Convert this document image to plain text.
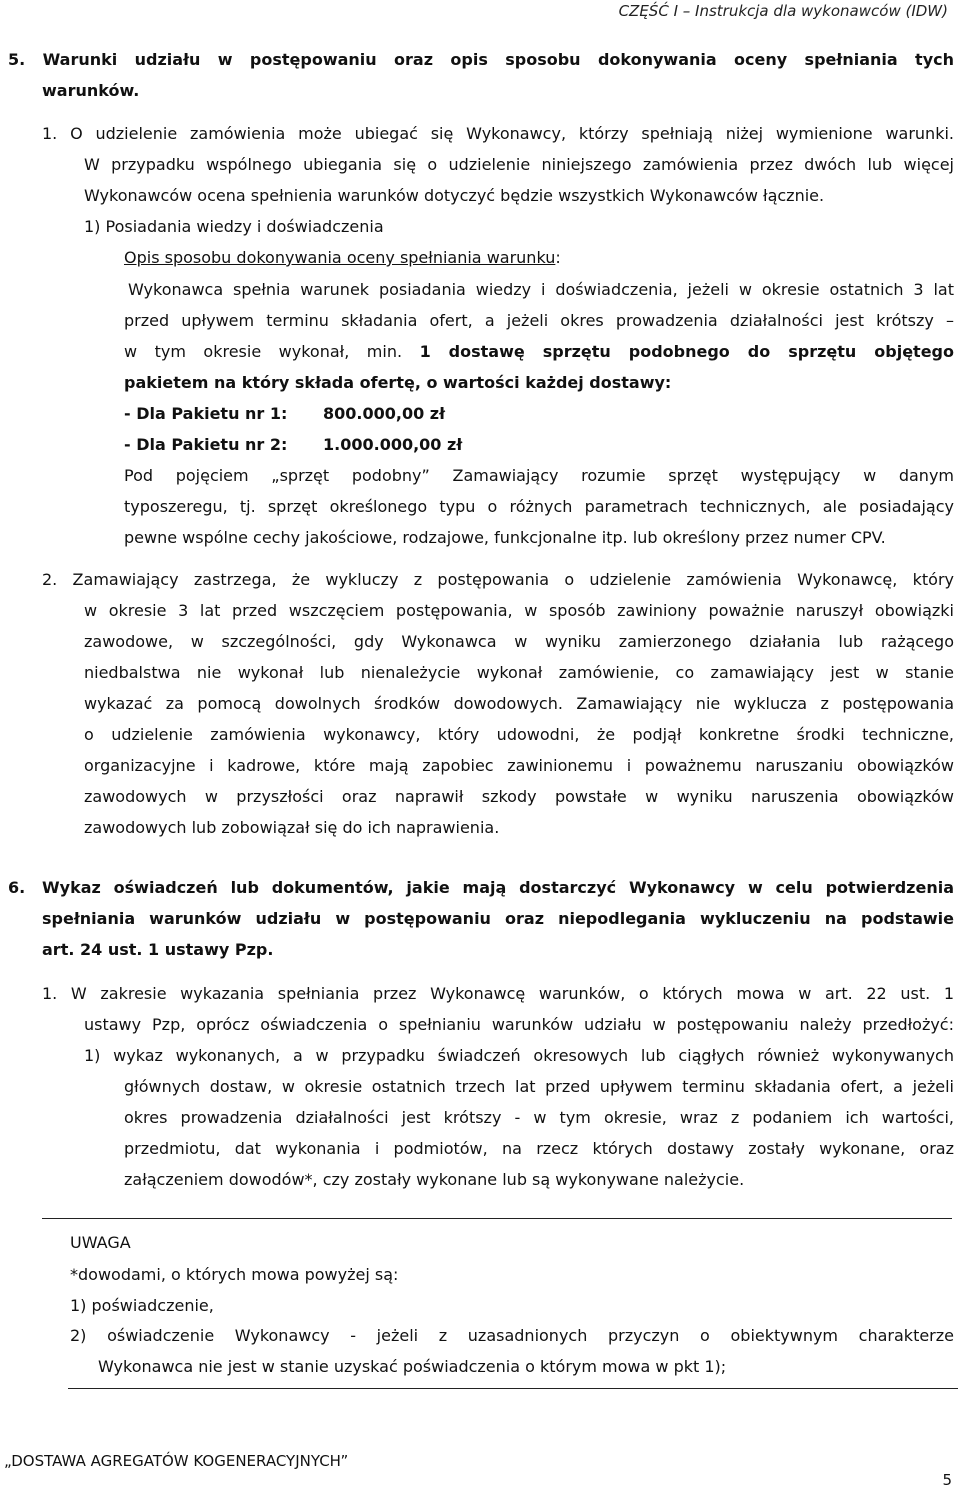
CZĘŚĆ I – Instrukcja dla wykonawców (IDW)
5. Warunki udziału w postępowaniu oraz opis sposobu dokonywania oceny spełniania tych
warunków.
1. O udzielenie zamówienia może ubiegać się Wykonawcy, którzy spełniają niżej wymienione warunki.
W przypadku wspólnego ubiegania się o udzielenie niniejszego zamówienia przez dwóch lub więcej
Wykonawców ocena spełnienia warunków dotyczyć będzie wszystkich Wykonawców łącznie.
1) Posiadania wiedzy i doświadczenia
Opis sposobu dokonywania oceny spełniania warunku:
Wykonawca spełnia warunek posiadania wiedzy i doświadczenia, jeżeli w okresie ostatnich 3 lat
przed upływem terminu składania ofert, a jeżeli okres prowadzenia działalności jest krótszy –
w tym okresie wykonał, min. 1 dostawę sprzętu podobnego do sprzętu objętego
pakietem na który składa ofertę, o wartości każdej dostawy:
- Dla Pakietu nr 1: 800.000,00 zł
- Dla Pakietu nr 2: 1.000.000,00 zł
Pod pojęciem „sprzęt podobny” Zamawiający rozumie sprzęt występujący w danym
typoszeregu, tj. sprzęt określonego typu o różnych parametrach technicznych, ale posiadający
pewne wspólne cechy jakościowe, rodzajowe, funkcjonalne itp. lub określony przez numer CPV.
2. Zamawiający zastrzega, że wykluczy z postępowania o udzielenie zamówienia Wykonawcę, który
w okresie 3 lat przed wszczęciem postępowania, w sposób zawiniony poważnie naruszył obowiązki
zawodowe, w szczególności, gdy Wykonawca w wyniku zamierzonego działania lub rażącego
niedbalstwa nie wykonał lub nienależycie wykonał zamówienie, co zamawiający jest w stanie
wykazać za pomocą dowolnych środków dowodowych. Zamawiający nie wyklucza z postępowania
o udzielenie zamówienia wykonawcy, który udowodni, że podjął konkretne środki techniczne,
organizacyjne i kadrowe, które mają zapobiec zawinionemu i poważnemu naruszaniu obowiązków
zawodowych w przyszłości oraz naprawił szkody powstałe w wyniku naruszenia obowiązków
zawodowych lub zobowiązał się do ich naprawienia.
6. Wykaz oświadczeń lub dokumentów, jakie mają dostarczyć Wykonawcy w celu potwierdzenia
spełniania warunków udziału w postępowaniu oraz niepodlegania wykluczeniu na podstawie
art. 24 ust. 1 ustawy Pzp.
1. W zakresie wykazania spełniania przez Wykonawcę warunków, o których mowa w art. 22 ust. 1
ustawy Pzp, oprócz oświadczenia o spełnianiu warunków udziału w postępowaniu należy przedłożyć:
1) wykaz wykonanych, a w przypadku świadczeń okresowych lub ciągłych również wykonywanych
głównych dostaw, w okresie ostatnich trzech lat przed upływem terminu składania ofert, a jeżeli
okres prowadzenia działalności jest krótszy - w tym okresie, wraz z podaniem ich wartości,
przedmiotu, dat wykonania i podmiotów, na rzecz których dostawy zostały wykonane, oraz
załączeniem dowodów*, czy zostały wykonane lub są wykonywane należycie.
UWAGA
*dowodami, o których mowa powyżej są:
1) poświadczenie,
2) oświadczenie Wykonawcy - jeżeli z uzasadnionych przyczyn o obiektywnym charakterze
Wykonawca nie jest w stanie uzyskać poświadczenia o którym mowa w pkt 1);
„DOSTAWA AGREGATÓW KOGENERACYJNYCH”
5
